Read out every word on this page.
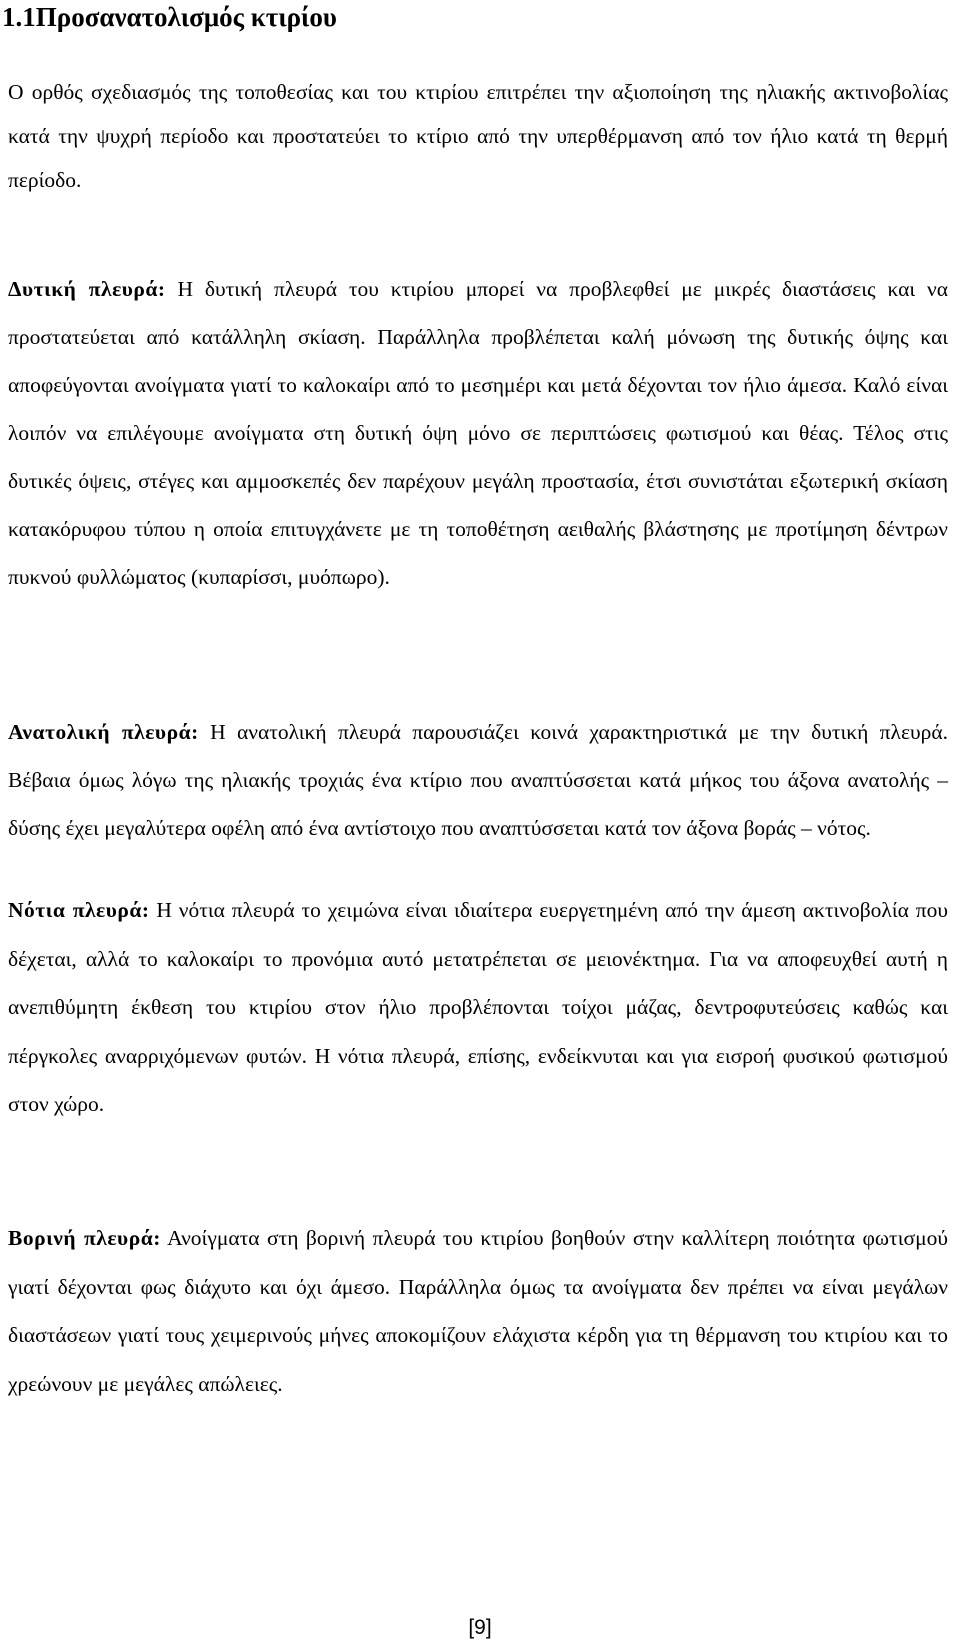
1.1Προσανατολισμός κτιρίου

Ο ορθός σχεδιασμός της τοποθεσίας και του κτιρίου επιτρέπει την αξιοποίηση της ηλιακής ακτινοβολίας κατά την ψυχρή περίοδο και προστατεύει το κτίριο από την υπερθέρμανση από τον ήλιο κατά τη θερμή περίοδο.

Δυτική πλευρά: Η δυτική πλευρά του κτιρίου μπορεί να προβλεφθεί με μικρές διαστάσεις και να προστατεύεται από κατάλληλη σκίαση. Παράλληλα προβλέπεται καλή μόνωση της δυτικής όψης και αποφεύγονται ανοίγματα γιατί το καλοκαίρι από το μεσημέρι και μετά δέχονται τον ήλιο άμεσα. Καλό είναι λοιπόν να επιλέγουμε ανοίγματα στη δυτική όψη μόνο σε περιπτώσεις φωτισμού και θέας. Τέλος στις δυτικές όψεις, στέγες και αμμοσκεπές δεν παρέχουν μεγάλη προστασία, έτσι συνιστάται εξωτερική σκίαση κατακόρυφου τύπου η οποία επιτυγχάνετε με τη τοποθέτηση αειθαλής βλάστησης με προτίμηση δέντρων πυκνού φυλλώματος (κυπαρίσσι, μυόπωρο).

Ανατολική πλευρά: Η ανατολική πλευρά παρουσιάζει κοινά χαρακτηριστικά με την δυτική πλευρά. Βέβαια όμως λόγω της ηλιακής τροχιάς ένα κτίριο που αναπτύσσεται κατά μήκος του άξονα ανατολής – δύσης έχει μεγαλύτερα οφέλη από ένα αντίστοιχο που αναπτύσσεται κατά τον άξονα βοράς – νότος.

Νότια πλευρά: Η νότια πλευρά το χειμώνα είναι ιδιαίτερα ευεργετημένη από την άμεση ακτινοβολία που δέχεται, αλλά το καλοκαίρι το προνόμια αυτό μετατρέπεται σε μειονέκτημα. Για να αποφευχθεί αυτή η ανεπιθύμητη έκθεση του κτιρίου στον ήλιο προβλέπονται τοίχοι μάζας, δεντροφυτεύσεις καθώς και πέργκολες αναρριχόμενων φυτών. Η νότια πλευρά, επίσης, ενδείκνυται και για εισροή φυσικού φωτισμού στον χώρο.

Βορινή πλευρά: Ανοίγματα στη βορινή πλευρά του κτιρίου βοηθούν στην καλλίτερη ποιότητα φωτισμού γιατί δέχονται φως διάχυτο και όχι άμεσο. Παράλληλα όμως τα ανοίγματα δεν πρέπει να είναι μεγάλων διαστάσεων γιατί τους χειμερινούς μήνες αποκομίζουν ελάχιστα κέρδη για τη θέρμανση του κτιρίου και το χρεώνουν με μεγάλες απώλειες.

[9]
